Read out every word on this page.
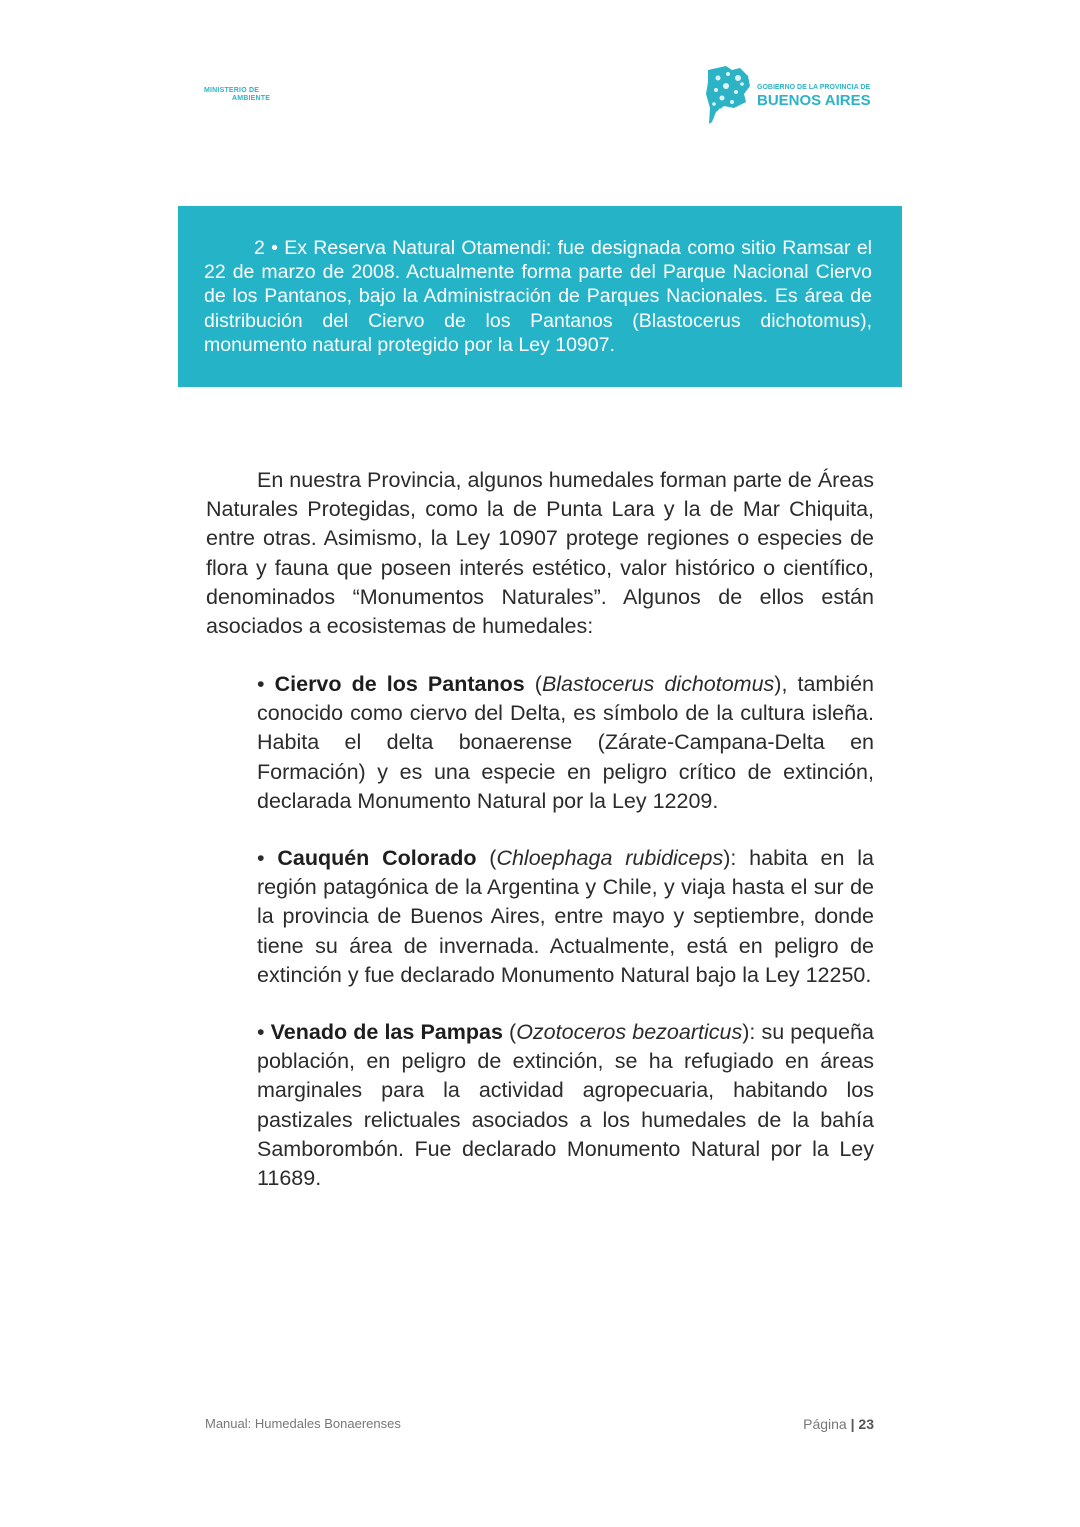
MINISTERIO DE
AMBIENTE
GOBIERNO DE LA PROVINCIA DE
BUENOS AIRES

2 • Ex Reserva Natural Otamendi: fue designada como sitio Ramsar el 22 de marzo de 2008. Actualmente forma parte del Parque Nacional Ciervo de los Pantanos, bajo la Administración de Parques Nacionales. Es área de distribución del Ciervo de los Pantanos (Blastocerus dichotomus), monumento natural protegido por la Ley 10907.

En nuestra Provincia, algunos humedales forman parte de Áreas Naturales Protegidas, como la de Punta Lara y la de Mar Chiquita, entre otras. Asimismo, la Ley 10907 protege regiones o especies de flora y fauna que poseen interés estético, valor histórico o científico, denominados “Monumentos Naturales”. Algunos de ellos están asociados a ecosistemas de humedales:

• Ciervo de los Pantanos (Blastocerus dichotomus), también conocido como ciervo del Delta, es símbolo de la cultura isleña. Habita el delta bonaerense (Zárate-Campana-Delta en Formación) y es una especie en peligro crítico de extinción, declarada Monumento Natural por la Ley 12209.
• Cauquén Colorado (Chloephaga rubidiceps): habita en la región patagónica de la Argentina y Chile, y viaja hasta el sur de la provincia de Buenos Aires, entre mayo y septiembre, donde tiene su área de invernada. Actualmente, está en peligro de extinción y fue declarado Monumento Natural bajo la Ley 12250.
• Venado de las Pampas (Ozotoceros bezoarticus): su pequeña población, en peligro de extinción, se ha refugiado en áreas marginales para la actividad agropecuaria, habitando los pastizales relictuales asociados a los humedales de la bahía Samborombón. Fue declarado Monumento Natural por la Ley 11689.
Manual: Humedales Bonaerenses	Página | 23
